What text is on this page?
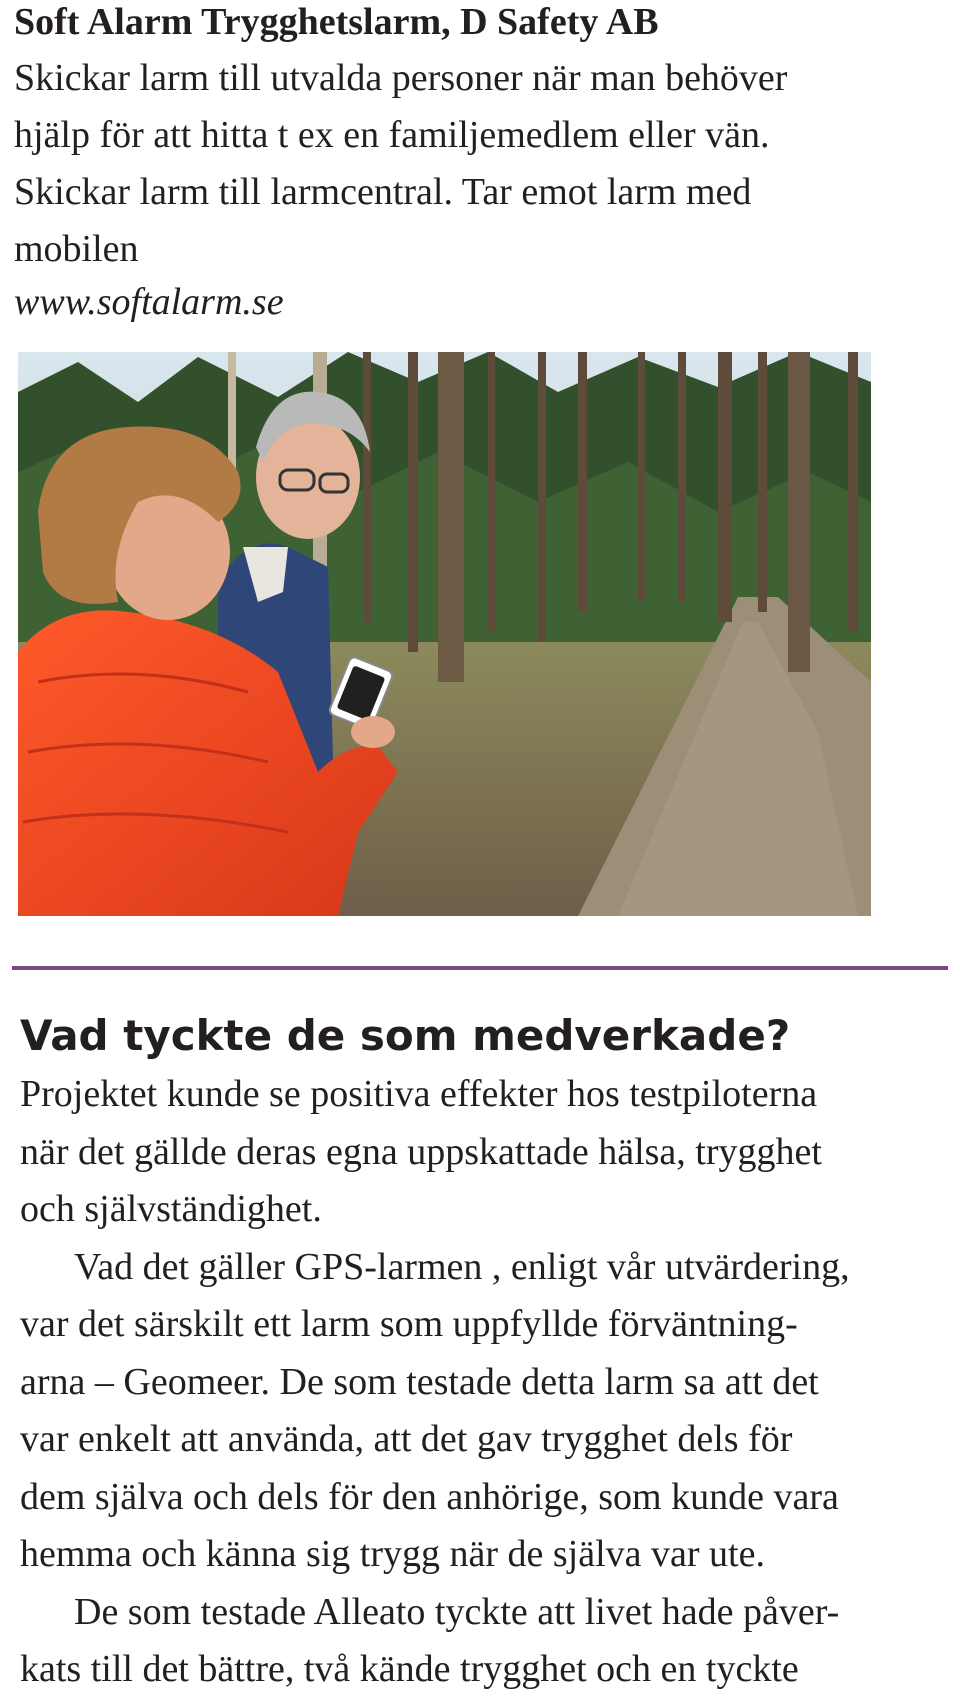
Soft Alarm Trygghetslarm, D Safety AB
Skickar larm till utvalda personer när man behöver
hjälp för att hitta t ex en familjemedlem eller vän.
Skickar larm till larmcentral. Tar emot larm med
mobilen
www.softalarm.se
Vad tyckte de som medverkade?

Projektet kunde se positiva effekter hos testpiloterna
när det gällde deras egna uppskattade hälsa, trygghet
och självständighet.

Vad det gäller GPS-larmen , enligt vår utvärdering,
var det särskilt ett larm som uppfyllde förväntning-
arna – Geomeer. De som testade detta larm sa att det
var enkelt att använda, att det gav trygghet dels för
dem själva och dels för den anhörige, som kunde vara
hemma och känna sig trygg när de själva var ute.

De som testade Alleato tyckte att livet hade påver-
kats till det bättre, två kände trygghet och en tyckte
